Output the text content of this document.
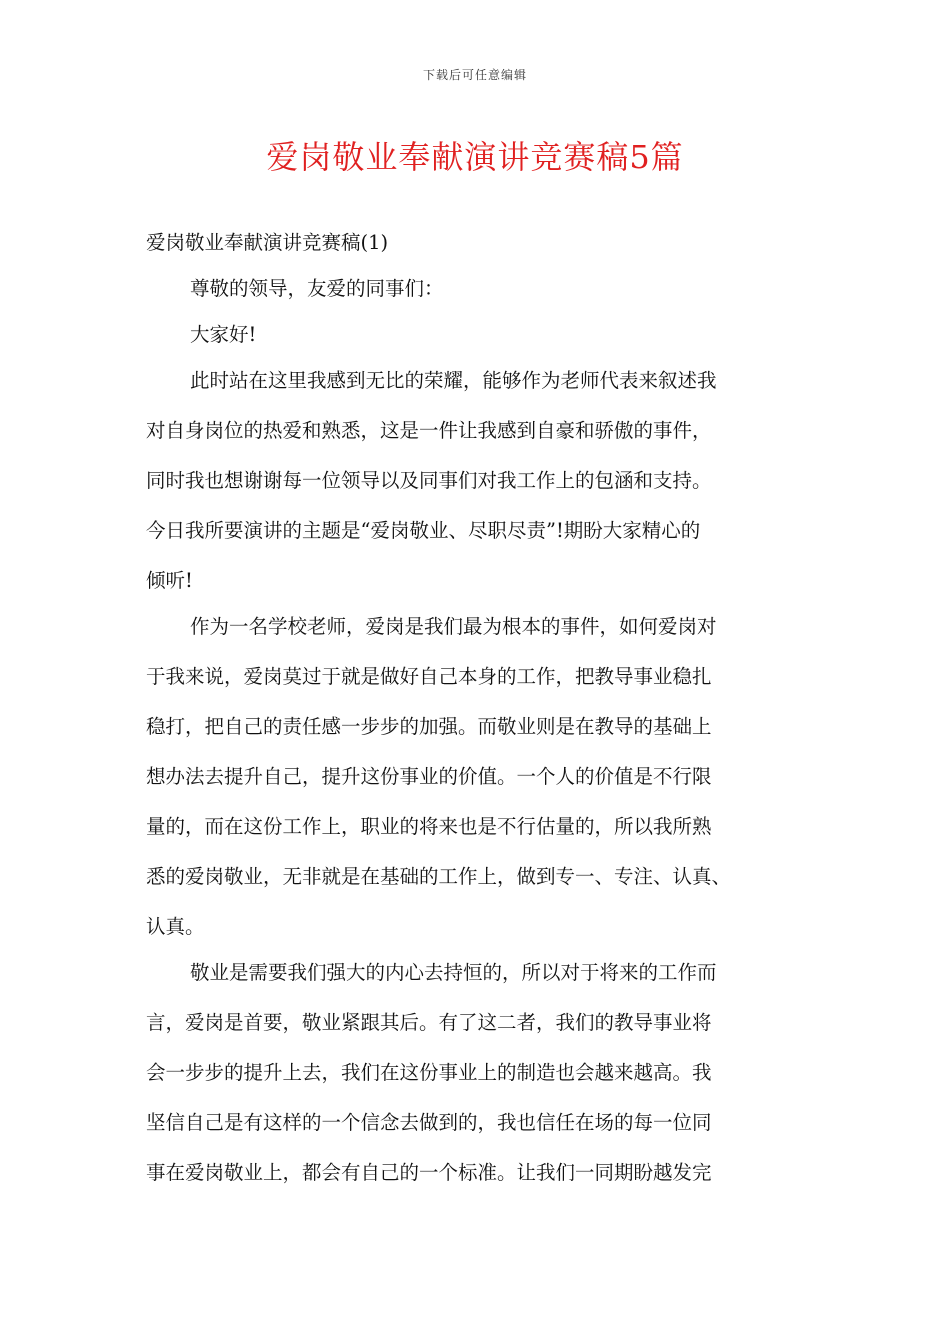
下载后可任意编辑
爱岗敬业奉献演讲竞赛稿5篇
爱岗敬业奉献演讲竞赛稿(1)
尊敬的领导，友爱的同事们：
大家好!
此时站在这里我感到无比的荣耀，能够作为老师代表来叙述我
对自身岗位的热爱和熟悉，这是一件让我感到自豪和骄傲的事件，
同时我也想谢谢每一位领导以及同事们对我工作上的包涵和支持。
今日我所要演讲的主题是“爱岗敬业、尽职尽责”!期盼大家精心的
倾听!
作为一名学校老师，爱岗是我们最为根本的事件，如何爱岗对
于我来说，爱岗莫过于就是做好自己本身的工作，把教导事业稳扎
稳打，把自己的责任感一步步的加强。而敬业则是在教导的基础上
想办法去提升自己，提升这份事业的价值。一个人的价值是不行限
量的，而在这份工作上，职业的将来也是不行估量的，所以我所熟
悉的爱岗敬业，无非就是在基础的工作上，做到专一、专注、认真、
认真。
敬业是需要我们强大的内心去持恒的，所以对于将来的工作而
言，爱岗是首要，敬业紧跟其后。有了这二者，我们的教导事业将
会一步步的提升上去，我们在这份事业上的制造也会越来越高。我
坚信自己是有这样的一个信念去做到的，我也信任在场的每一位同
事在爱岗敬业上，都会有自己的一个标准。让我们一同期盼越发完
